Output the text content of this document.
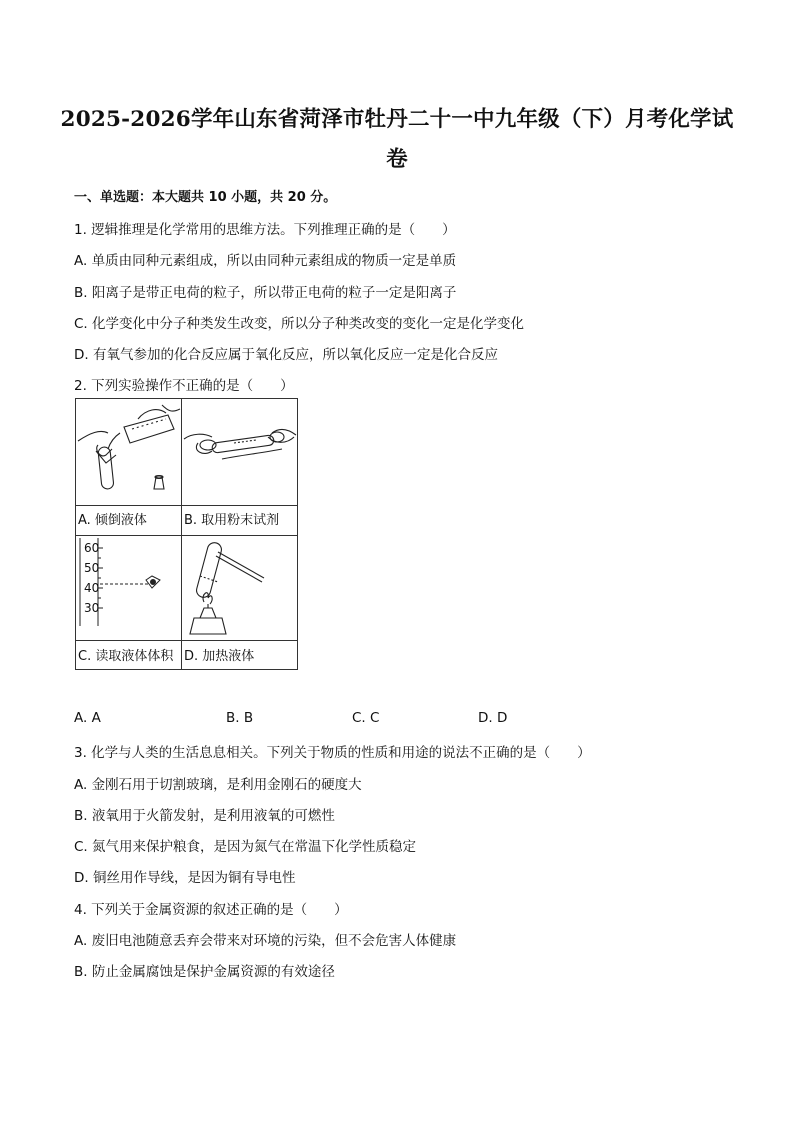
2025-2026学年山东省菏泽市牡丹二十一中九年级（下）月考化学试
卷
一、单选题：本大题共 10 小题，共 20 分。
1. 逻辑推理是化学常用的思维方法。下列推理正确的是（　　）
A. 单质由同种元素组成，所以由同种元素组成的物质一定是单质
B. 阳离子是带正电荷的粒子，所以带正电荷的粒子一定是阳离子
C. 化学变化中分子种类发生改变，所以分子种类改变的变化一定是化学变化
D. 有氧气参加的化合反应属于氧化反应，所以氧化反应一定是化合反应
2. 下列实验操作不正确的是（　　）
A. 倾倒液体	B. 取用粉末试剂
60
50
40
30
C. 读取液体体积 D. 加热液体
A. A	B. B	C. C	D. D
3. 化学与人类的生活息息相关。下列关于物质的性质和用途的说法不正确的是（　　）
A. 金刚石用于切割玻璃，是利用金刚石的硬度大
B. 液氧用于火箭发射，是利用液氧的可燃性
C. 氮气用来保护粮食，是因为氮气在常温下化学性质稳定
D. 铜丝用作导线，是因为铜有导电性
4. 下列关于金属资源的叙述正确的是（　　）
A. 废旧电池随意丢弃会带来对环境的污染，但不会危害人体健康
B. 防止金属腐蚀是保护金属资源的有效途径
